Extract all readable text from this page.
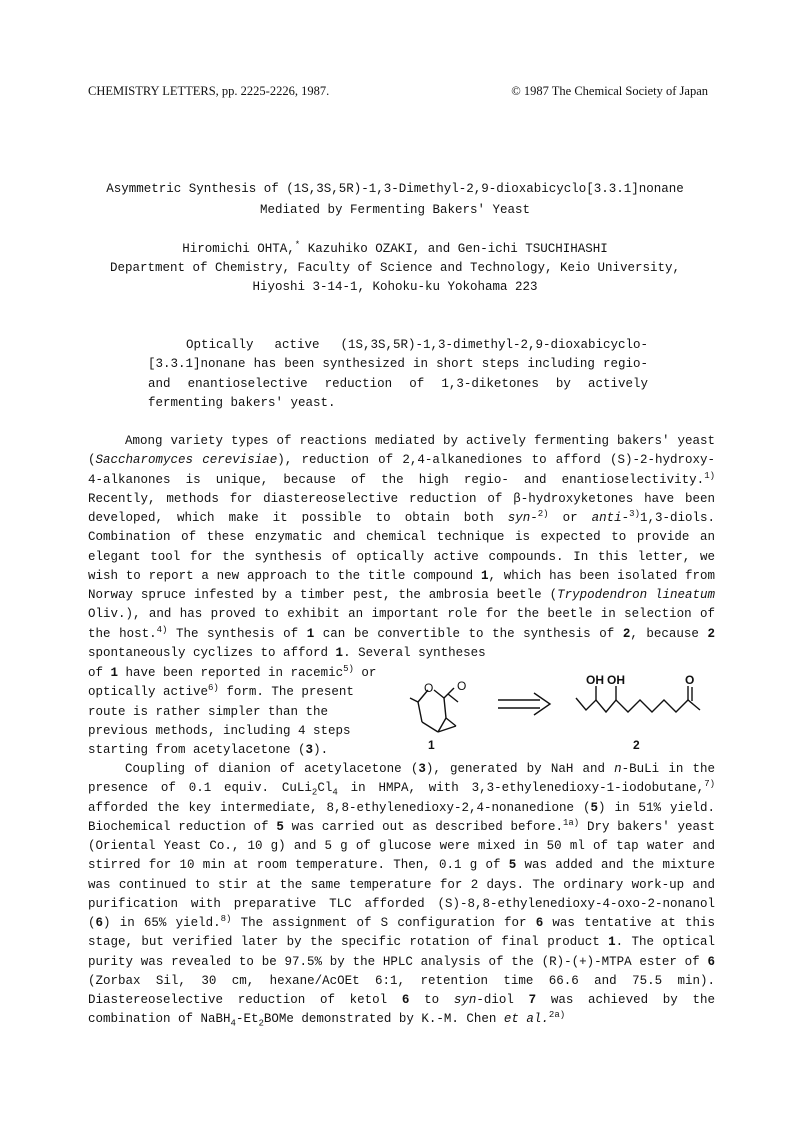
CHEMISTRY LETTERS, pp. 2225-2226, 1987.	© 1987 The Chemical Society of Japan
Asymmetric Synthesis of (1S,3S,5R)-1,3-Dimethyl-2,9-dioxabicyclo[3.3.1]nonane
Mediated by Fermenting Bakers' Yeast
Hiromichi OHTA,* Kazuhiko OZAKI, and Gen-ichi TSUCHIHASHI
Department of Chemistry, Faculty of Science and Technology, Keio University,
Hiyoshi 3-14-1, Kohoku-ku Yokohama 223
Optically active (1S,3S,5R)-1,3-dimethyl-2,9-dioxabicyclo-[3.3.1]nonane has been synthesized in short steps including regio- and enantioselective reduction of 1,3-diketones by actively fermenting bakers' yeast.

Among variety types of reactions mediated by actively fermenting bakers' yeast (Saccharomyces cerevisiae), reduction of 2,4-alkanediones to afford (S)-2-hydroxy-4-alkanones is unique, because of the high regio- and enantioselectivity.$^{1)}$ Recently, methods for diastereoselective reduction of β-hydroxyketones have been developed, which make it possible to obtain both syn-$^{2)}$ or anti-$^{3)}$1,3-diols. Combination of these enzymatic and chemical technique is expected to provide an elegant tool for the synthesis of optically active compounds. In this letter, we wish to report a new approach to the title compound 1, which has been isolated from Norway spruce infested by a timber pest, the ambrosia beetle (Trypodendron lineatum Oliv.), and has proved to exhibit an important role for the beetle in selection of the host.$^{4)}$ The synthesis of 1 can be convertible to the synthesis of 2, because 2 spontaneously cyclizes to afford 1. Several syntheses

of 1 have been reported in racemic$^{5)}$ or optically active$^{6)}$ form. The present route is rather simpler than the previous methods, including 4 steps starting from acetylacetone (3).
O O	OH OH	O
1	2

Coupling of dianion of acetylacetone (3), generated by NaH and n-BuLi in the presence of 0.1 equiv. $CuLi_2Cl_4$ in HMPA, with 3,3-ethylenedioxy-1-iodobutane,$^{7)}$ afforded the key intermediate, 8,8-ethylenedioxy-2,4-nonanedione (5) in 51% yield. Biochemical reduction of 5 was carried out as described before.$^{1a)}$ Dry bakers' yeast (Oriental Yeast Co., 10 g) and 5 g of glucose were mixed in 50 ml of tap water and stirred for 10 min at room temperature. Then, 0.1 g of 5 was added and the mixture was continued to stir at the same temperature for 2 days. The ordinary work-up and purification with preparative TLC afforded (S)-8,8-ethylenedioxy-4-oxo-2-nonanol (6) in 65% yield.$^{8)}$ The assignment of S configuration for 6 was tentative at this stage, but verified later by the specific rotation of final product 1. The optical purity was revealed to be 97.5% by the HPLC analysis of the (R)-(+)-MTPA ester of 6 (Zorbax Sil, 30 cm, hexane/AcOEt 6:1, retention time 66.6 and 75.5 min). Diastereoselective reduction of ketol 6 to syn-diol 7 was achieved by the combination of $NaBH_4-Et_2BOMe$ demonstrated by K.-M. Chen et al.$^{2a)}$
